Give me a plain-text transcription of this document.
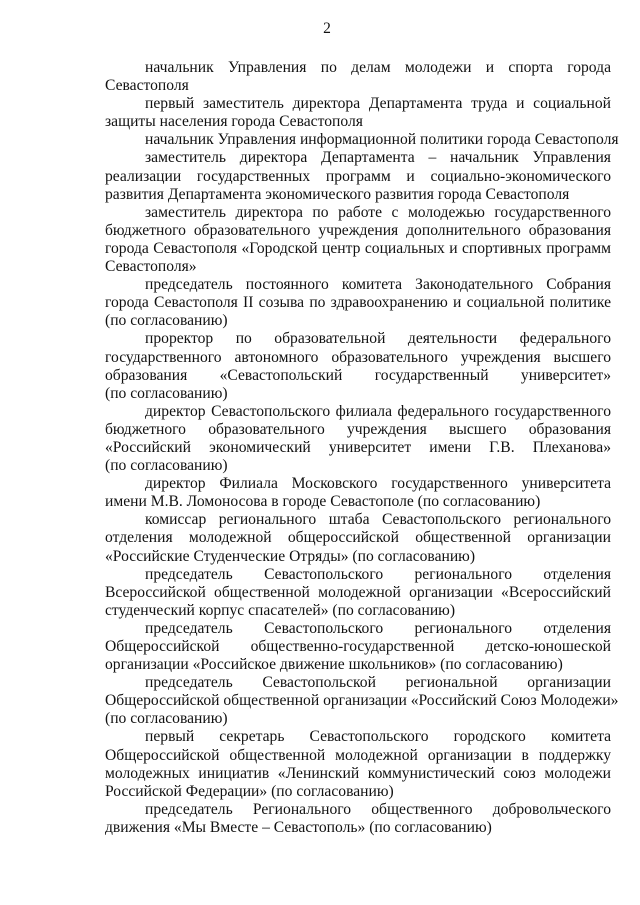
2
начальник Управления по делам молодежи и спорта города
Севастополя
первый заместитель директора Департамента труда и социальной
защиты населения города Севастополя
начальник Управления информационной политики города Севастополя
заместитель директора Департамента – начальник Управления
реализации государственных программ и социально-экономического
развития Департамента экономического развития города Севастополя
заместитель директора по работе с молодежью государственного
бюджетного образовательного учреждения дополнительного образования
города Севастополя «Городской центр социальных и спортивных программ
Севастополя»
председатель постоянного комитета Законодательного Собрания
города Севастополя II созыва по здравоохранению и социальной политике
(по согласованию)
проректор по образовательной деятельности федерального
государственного автономного образовательного учреждения высшего
образования «Севастопольский государственный университет»
(по согласованию)
директор Севастопольского филиала федерального государственного
бюджетного образовательного учреждения высшего образования
«Российский экономический университет имени Г.В. Плеханова»
(по согласованию)
директор Филиала Московского государственного университета
имени М.В. Ломоносова в городе Севастополе (по согласованию)
комиссар регионального штаба Севастопольского регионального
отделения молодежной общероссийской общественной организации
«Российские Студенческие Отряды» (по согласованию)
председатель Севастопольского регионального отделения
Всероссийской общественной молодежной организации «Всероссийский
студенческий корпус спасателей» (по согласованию)
председатель Севастопольского регионального отделения
Общероссийской общественно-государственной детско-юношеской
организации «Российское движение школьников» (по согласованию)
председатель Севастопольской региональной организации
Общероссийской общественной организации «Российский Союз Молодежи»
(по согласованию)
первый секретарь Севастопольского городского комитета
Общероссийской общественной молодежной организации в поддержку
молодежных инициатив «Ленинский коммунистический союз молодежи
Российской Федерации» (по согласованию)
председатель Регионального общественного добровольческого
движения «Мы Вместе – Севастополь» (по согласованию)
